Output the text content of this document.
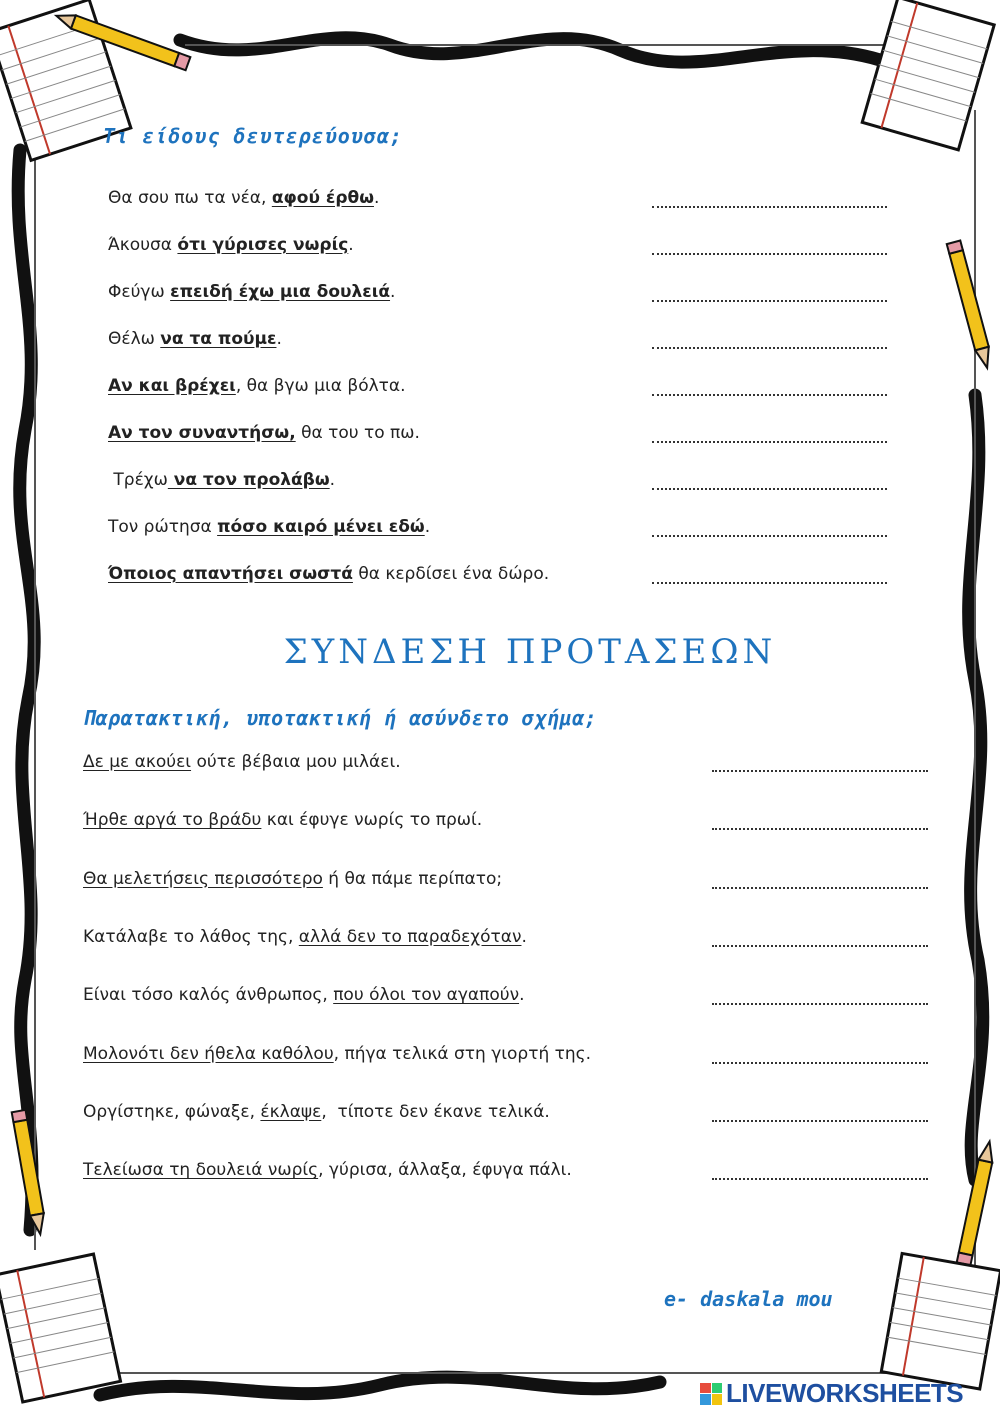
Τι είδους δευτερεύουσα;
ΣΥΝΔΕΣΗ ΠΡΟΤΑΣΕΩΝ
Παρατακτική, υποτακτική ή ασύνδετο σχήμα;
e- daskala mou
LIVEWORKSHEETS
Θα σου πω τα νέα, αφού έρθω.
Άκουσα ότι γύρισες νωρίς.
Φεύγω επειδή έχω μια δουλειά.
Θέλω να τα πούμε.
Αν και βρέχει, θα βγω μια βόλτα.
Αν τον συναντήσω, θα του το πω.
Τρέχω να τον προλάβω.
Τον ρώτησα πόσο καιρό μένει εδώ.
Όποιος απαντήσει σωστά θα κερδίσει ένα δώρο.
Δε με ακούει ούτε βέβαια μου μιλάει.
Ήρθε αργά το βράδυ και έφυγε νωρίς το πρωί.
Θα μελετήσεις περισσότερο ή θα πάμε περίπατο;
Κατάλαβε το λάθος της, αλλά δεν το παραδεχόταν.
Είναι τόσο καλός άνθρωπος, που όλοι τον αγαπούν.
Μολονότι δεν ήθελα καθόλου, πήγα τελικά στη γιορτή της.
Οργίστηκε, φώναξε, έκλαψε,  τίποτε δεν έκανε τελικά.
Τελείωσα τη δουλειά νωρίς, γύρισα, άλλαξα, έφυγα πάλι.
